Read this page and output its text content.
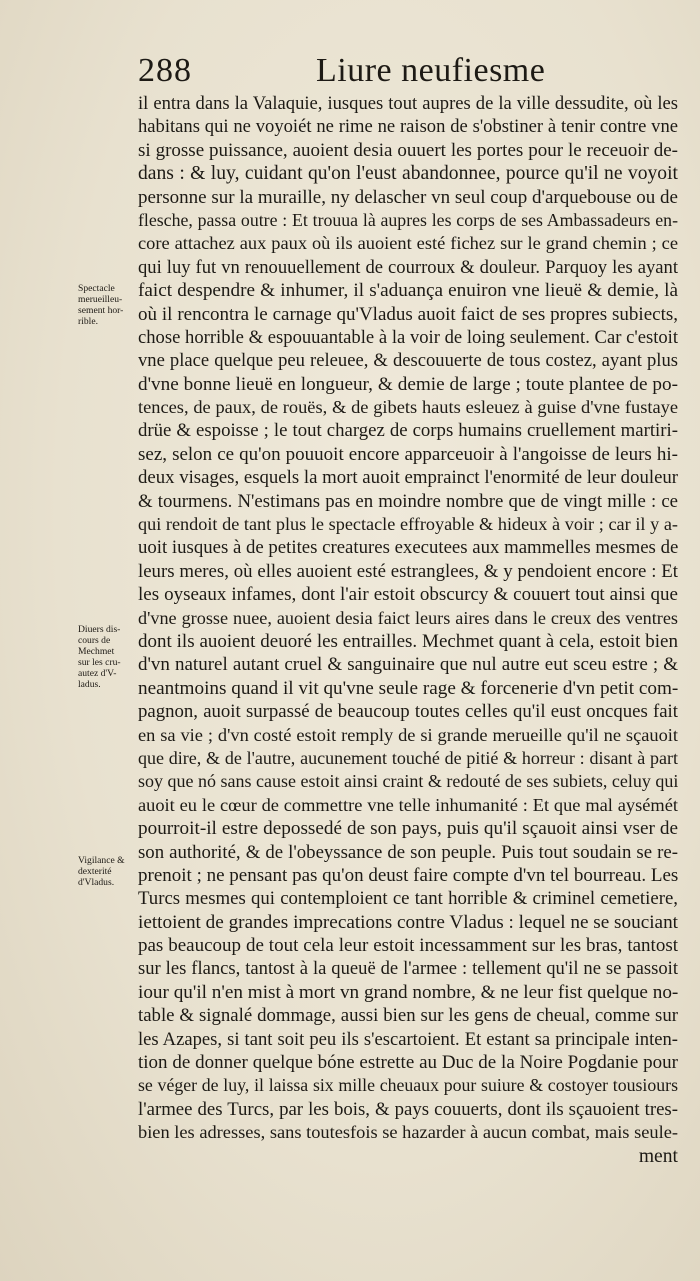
288	Liure neufiesme
Spectacle
merueilleu-
sement hor-
rible.
Diuers dis-
cours de
Mechmet
sur les cru-
autez d'V-
ladus.
Vigilance &
dexterité
d'Vladus.
il entra dans la Valaquie, iusques tout aupres de la ville dessudite, où les
habitans qui ne voyoiét ne rime ne raison de s'obstiner à tenir contre vne
si grosse puissance, auoient desia ouuert les portes pour le receuoir de-
dans : & luy, cuidant qu'on l'eust abandonnee, pource qu'il ne voyoit
personne sur la muraille, ny delascher vn seul coup d'arquebouse ou de
flesche, passa outre : Et trouua là aupres les corps de ses Ambassadeurs en-
core attachez aux paux où ils auoient esté fichez sur le grand chemin ; ce
qui luy fut vn renouuellement de courroux & douleur. Parquoy les ayant
faict despendre & inhumer, il s'aduança enuiron vne lieuë & demie, là
où il rencontra le carnage qu'Vladus auoit faict de ses propres subiects,
chose horrible & espouuantable à la voir de loing seulement. Car c'estoit
vne place quelque peu releuee, & descouuerte de tous costez, ayant plus
d'vne bonne lieuë en longueur, & demie de large ; toute plantee de po-
tences, de paux, de rouës, & de gibets hauts esleuez à guise d'vne fustaye
drüe & espoisse ; le tout chargez de corps humains cruellement martiri-
sez, selon ce qu'on pouuoit encore apparceuoir à l'angoisse de leurs hi-
deux visages, esquels la mort auoit emprainct l'enormité de leur douleur
& tourmens. N'estimans pas en moindre nombre que de vingt mille : ce
qui rendoit de tant plus le spectacle effroyable & hideux à voir ; car il y a-
uoit iusques à de petites creatures executees aux mammelles mesmes de
leurs meres, où elles auoient esté estranglees, & y pendoient encore : Et
les oyseaux infames, dont l'air estoit obscurcy & couuert tout ainsi que
d'vne grosse nuee, auoient desia faict leurs aires dans le creux des ventres
dont ils auoient deuoré les entrailles. Mechmet quant à cela, estoit bien
d'vn naturel autant cruel & sanguinaire que nul autre eut sceu estre ; &
neantmoins quand il vit qu'vne seule rage & forcenerie d'vn petit com-
pagnon, auoit surpassé de beaucoup toutes celles qu'il eust oncques fait
en sa vie ; d'vn costé estoit remply de si grande merueille qu'il ne sçauoit
que dire, & de l'autre, aucunement touché de pitié & horreur : disant à part
soy que nó sans cause estoit ainsi craint & redouté de ses subiets, celuy qui
auoit eu le cœur de commettre vne telle inhumanité : Et que mal aysémét
pourroit-il estre depossedé de son pays, puis qu'il sçauoit ainsi vser de
son authorité, & de l'obeyssance de son peuple. Puis tout soudain se re-
prenoit ; ne pensant pas qu'on deust faire compte d'vn tel bourreau. Les
Turcs mesmes qui contemploient ce tant horrible & criminel cemetiere,
iettoient de grandes imprecations contre Vladus : lequel ne se souciant
pas beaucoup de tout cela leur estoit incessamment sur les bras, tantost
sur les flancs, tantost à la queuë de l'armee : tellement qu'il ne se passoit
iour qu'il n'en mist à mort vn grand nombre, & ne leur fist quelque no-
table & signalé dommage, aussi bien sur les gens de cheual, comme sur
les Azapes, si tant soit peu ils s'escartoient. Et estant sa principale inten-
tion de donner quelque bóne estrette au Duc de la Noire Pogdanie pour
se véger de luy, il laissa six mille cheuaux pour suiure & costoyer tousiours
l'armee des Turcs, par les bois, & pays couuerts, dont ils sçauoient tres-
bien les adresses, sans toutesfois se hazarder à aucun combat, mais seule-
ment
